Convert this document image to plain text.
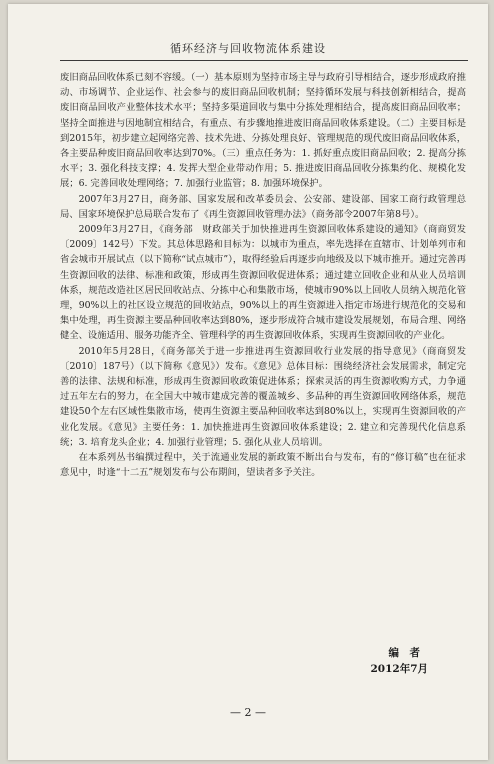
循环经济与回收物流体系建设

废旧商品回收体系已刻不容缓。（一）基本原则为坚持市场主导与政府引导相结合，逐步形成政府推动、市场调节、企业运作、社会参与的废旧商品回收机制；坚持循环发展与科技创新相结合，提高废旧商品回收产业整体技术水平；坚持多渠道回收与集中分拣处理相结合，提高废旧商品回收率；坚持全面推进与因地制宜相结合，有重点、有步骤地推进废旧商品回收体系建设。（二）主要目标是到2015年，初步建立起网络完善、技术先进、分拣处理良好、管理规范的现代废旧商品回收体系，各主要品种废旧商品回收率达到70%。（三）重点任务为：1. 抓好重点废旧商品回收；2. 提高分拣水平；3. 强化科技支撑；4. 发挥大型企业带动作用；5. 推进废旧商品回收分拣集约化、规模化发展；6. 完善回收处理网络；7. 加强行业监管；8. 加强环境保护。

2007年3月27日，商务部、国家发展和改革委员会、公安部、建设部、国家工商行政管理总局、国家环境保护总局联合发布了《再生资源回收管理办法》（商务部令2007年第8号）。

2009年3月27日，《商务部　财政部关于加快推进再生资源回收体系建设的通知》（商商贸发〔2009〕142号）下发。其总体思路和目标为：以城市为重点，率先选择在直辖市、计划单列市和省会城市开展试点（以下简称“试点城市”），取得经验后再逐步向地级及以下城市推开。通过完善再生资源回收的法律、标准和政策，形成再生资源回收促进体系；通过建立回收企业和从业人员培训体系，规范改造社区居民回收站点、分拣中心和集散市场，使城市90%以上回收人员纳入规范化管理，90%以上的社区设立规范的回收站点，90%以上的再生资源进入指定市场进行规范化的交易和集中处理，再生资源主要品种回收率达到80%，逐步形成符合城市建设发展规划，布局合理、网络健全、设施适用、服务功能齐全、管理科学的再生资源回收体系，实现再生资源回收的产业化。

2010年5月28日，《商务部关于进一步推进再生资源回收行业发展的指导意见》（商商贸发〔2010〕187号）（以下简称《意见》）发布。《意见》总体目标：围绕经济社会发展需求，制定完善的法律、法规和标准，形成再生资源回收政策促进体系；探索灵活的再生资源收购方式，力争通过五年左右的努力，在全国大中城市建成完善的覆盖城乡、多品种的再生资源回收网络体系，规范建设50个左右区域性集散市场，使再生资源主要品种回收率达到80%以上，实现再生资源回收的产业化发展。《意见》主要任务：1. 加快推进再生资源回收体系建设；2. 建立和完善现代化信息系统；3. 培育龙头企业；4. 加强行业管理；5. 强化从业人员培训。

在本系列丛书编撰过程中，关于流通业发展的新政策不断出台与发布，有的“修订稿”也在征求意见中，时逢“十二五”规划发布与公布期间，望读者多予关注。

编　者
2012年7月
— 2 —
